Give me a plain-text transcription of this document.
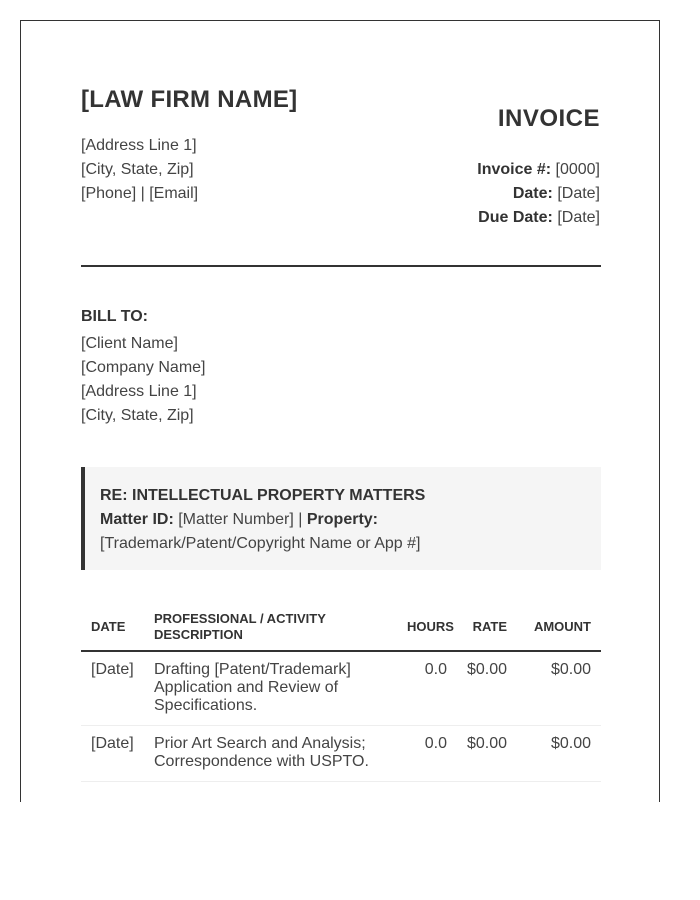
[LAW FIRM NAME]
[Address Line 1]
[City, State, Zip]
[Phone] | [Email]
INVOICE
Invoice #: [0000]
Date: [Date]
Due Date: [Date]
BILL TO:
[Client Name]
[Company Name]
[Address Line 1]
[City, State, Zip]
RE: INTELLECTUAL PROPERTY MATTERS
Matter ID: [Matter Number] | Property:
[Trademark/Patent/Copyright Name or App #]
DATE	PROFESSIONAL / ACTIVITY DESCRIPTION	HOURS	RATE	AMOUNT
[Date]	Drafting [Patent/Trademark] Application and Review of Specifications.	0.0	$0.00	$0.00
[Date]	Prior Art Search and Analysis; Correspondence with USPTO.	0.0	$0.00	$0.00
